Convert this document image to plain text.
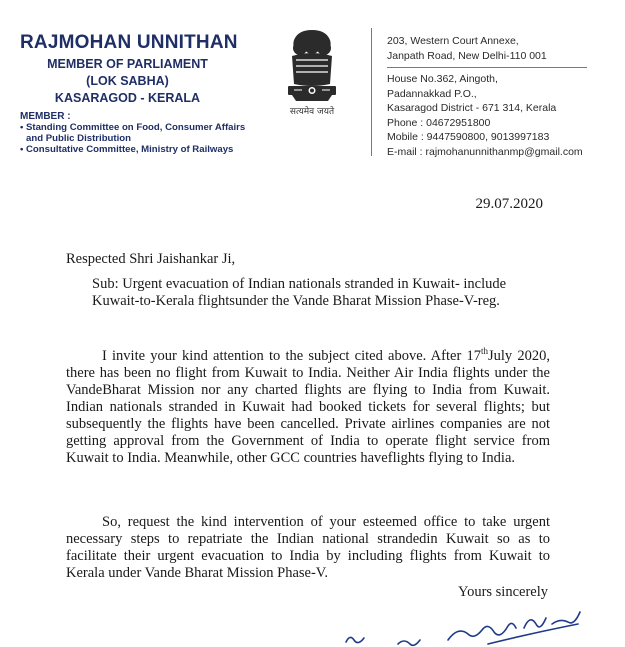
RAJMOHAN UNNITHAN
MEMBER OF PARLIAMENT
(LOK SABHA)
KASARAGOD - KERALA
MEMBER :
• Standing Committee on Food, Consumer Affairs
and Public Distribution
• Consultative Committee, Ministry of Railways
सत्यमेव जयते
203, Western Court Annexe,
Janpath Road, New Delhi-110 001
House No.362, Aingoth,
Padannakkad P.O.,
Kasaragod District - 671 314, Kerala
Phone : 04672951800
Mobile : 9447590800, 9013997183
E-mail : rajmohanunnithanmp@gmail.com
29.07.2020
Respected Shri Jaishankar Ji,
Sub: Urgent evacuation of Indian nationals stranded in Kuwait- include Kuwait-to-Kerala flightsunder the Vande Bharat Mission Phase-V-reg.
I invite your kind attention to the subject cited above. After 17thJuly 2020, there has been no flight from Kuwait to India. Neither Air India flights under the VandeBharat Mission nor any charted flights are flying to India from Kuwait. Indian nationals stranded in Kuwait had booked tickets for several flights; but subsequently the flights have been cancelled. Private airlines companies are not getting approval from the Government of India to operate flight service from Kuwait to India. Meanwhile, other GCC countries haveflights flying to India.
So, request the kind intervention of your esteemed office to take urgent necessary steps to repatriate the Indian national strandedin Kuwait so as to facilitate their urgent evacuation to India by including flights from Kuwait to Kerala under Vande Bharat Mission Phase-V.
Yours sincerely
